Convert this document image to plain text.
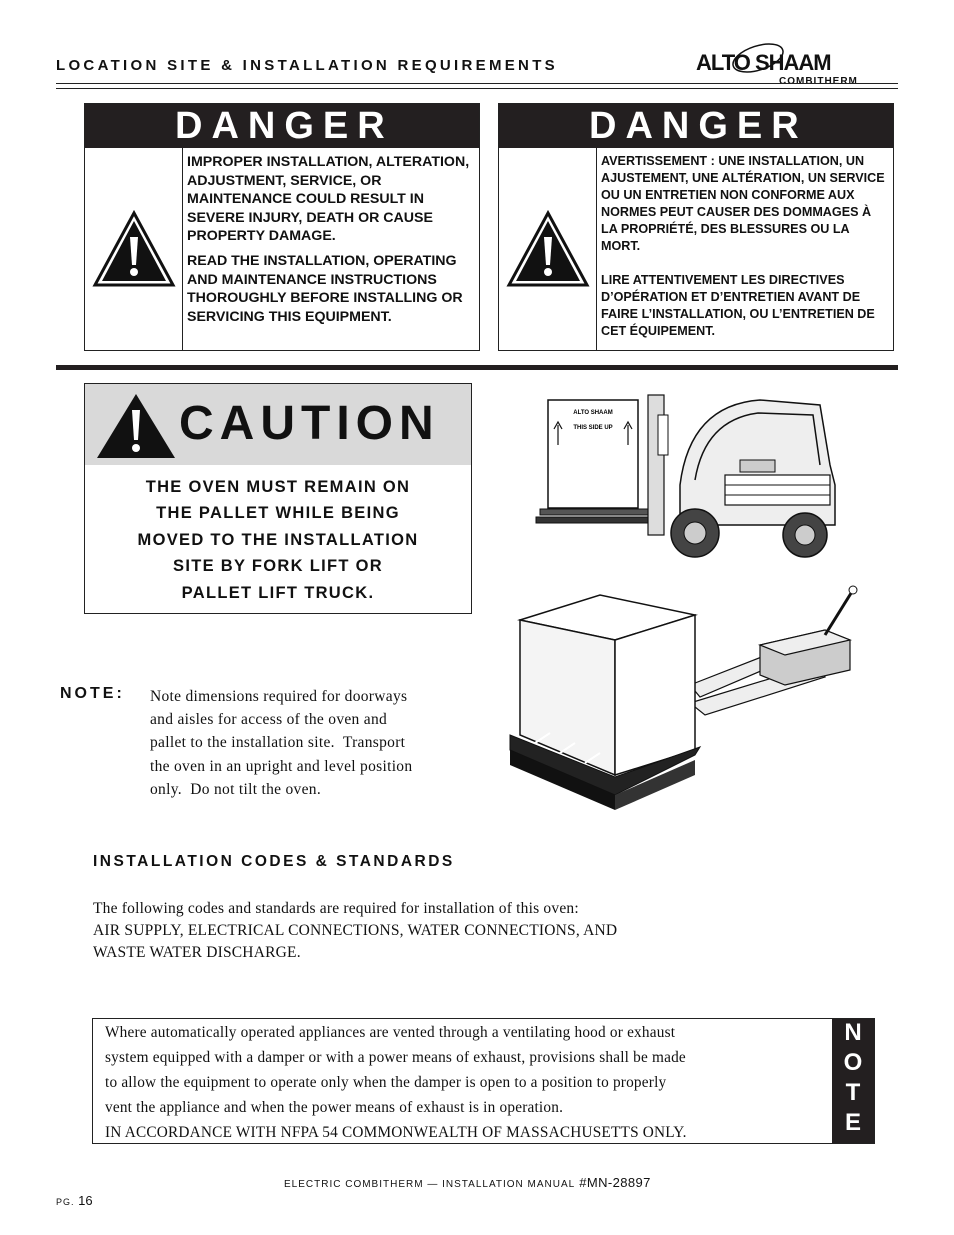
LOCATION SITE & INSTALLATION REQUIREMENTS	ALTO SHAAM
COMBITHERM
DANGER

IMPROPER INSTALLATION, ALTERATION, ADJUSTMENT, SERVICE, OR MAINTENANCE COULD RESULT IN SEVERE INJURY, DEATH OR CAUSE PROPERTY DAMAGE.

READ THE INSTALLATION, OPERATING AND MAINTENANCE INSTRUCTIONS THOROUGHLY BEFORE INSTALLING OR SERVICING THIS EQUIPMENT.

DANGER

AVERTISSEMENT : UNE INSTALLATION, UN AJUSTEMENT, UNE ALTÉRATION, UN SERVICE OU UN ENTRETIEN NON CONFORME AUX NORMES PEUT CAUSER DES DOMMAGES À LA PROPRIÉTÉ, DES BLESSURES OU LA MORT.

LIRE ATTENTIVEMENT LES DIRECTIVES D’OPÉRATION ET D’ENTRETIEN AVANT DE FAIRE L’INSTALLATION, OU L’ENTRETIEN DE CET ÉQUIPEMENT.

CAUTION
THE OVEN MUST REMAIN ON
THE PALLET WHILE BEING
MOVED TO THE INSTALLATION
SITE BY FORK LIFT OR
PALLET LIFT TRUCK.
ALTO SHAAM
THIS SIDE UP
NOTE: Note dimensions required for doorways
and aisles for access of the oven and
pallet to the installation site.  Transport
the oven in an upright and level position
only.  Do not tilt the oven.
INSTALLATION CODES & STANDARDS
The following codes and standards are required for installation of this oven:
AIR SUPPLY, ELECTRICAL CONNECTIONS, WATER CONNECTIONS, AND
WASTE WATER DISCHARGE.
Where automatically operated appliances are vented through a ventilating hood or exhaust
system equipped with a damper or with a power means of exhaust, provisions shall be made
to allow the equipment to operate only when the damper is open to a position to properly
vent the appliance and when the power means of exhaust is in operation.
IN ACCORDANCE WITH NFPA 54 COMMONWEALTH OF MASSACHUSETTS ONLY.
N
O
T
E
ELECTRIC COMBITHERM — INSTALLATION MANUAL #MN-28897
PG. 16
